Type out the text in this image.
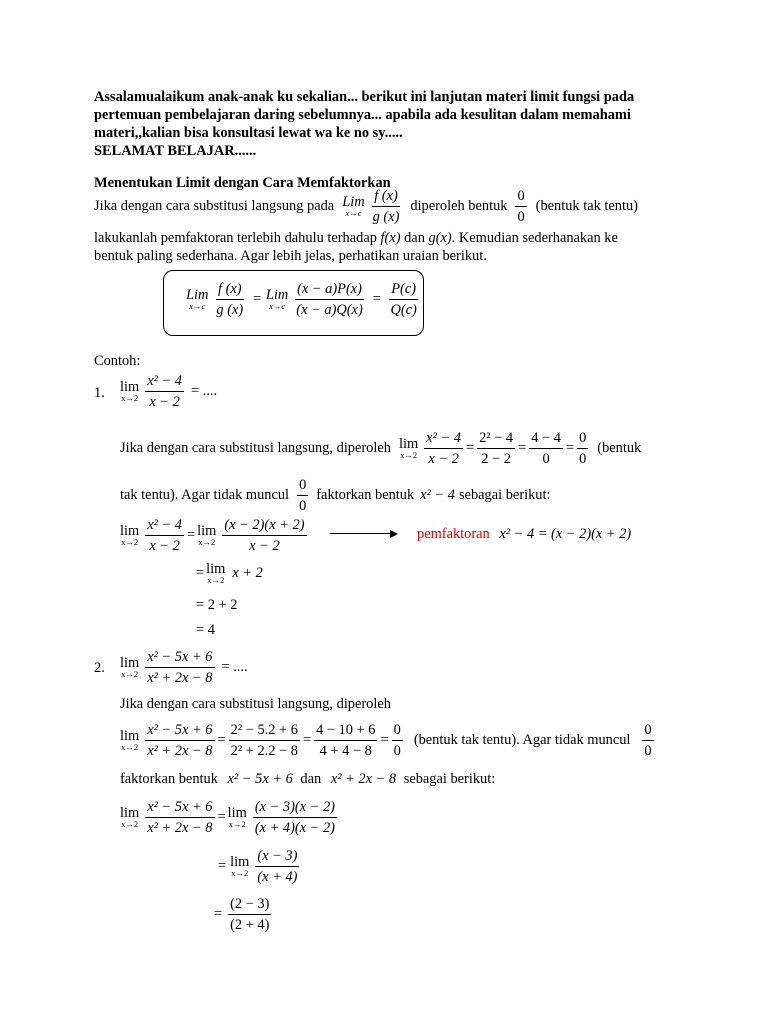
Assalamualaikum anak-anak ku sekalian... berikut ini lanjutan materi limit fungsi pada
pertemuan pembelajaran daring sebelumnya... apabila ada kesulitan dalam memahami
materi,,kalian bisa konsultasi lewat wa ke no sy.....
SELAMAT BELAJAR......
Menentukan Limit dengan Cara Memfaktorkan
Jika dengan cara substitusi langsung pada Lim
$x\to c \frac{f (x)}{g (x)}$ diperoleh bentuk $\frac{0}{0}$ (bentuk tak tentu)
lakukanlah pemfaktoran terlebih dahulu terhadap f(x) dan g(x). Kemudian sederhanakan ke
bentuk paling sederhana. Agar lebih jelas, perhatikan uraian berikut.
Lim
$x\to c \frac{f (x)}{g (x)}$ = Lim
$x\to c \frac{(x - a)P(x)}{(x - a)Q(x)} = \frac{P(c)}{Q(c)}$
Contoh:
1. lim
$x\to 2 \frac{\text{x² − 4}}{x - 2}$ = ....
Jika dengan cara substitusi langsung, diperoleh lim
$x\to 2 \frac{\text{x² − 4}}{x - 2} = \frac{\text{2² − 4}}{2 - 2} = \frac{4 - 4}{0} = \frac{0}{0}$ (bentuk
tak tentu). Agar tidak muncul $\frac{0}{0}$ faktorkan bentuk x² − 4 sebagai berikut:
lim
$x\to 2 \frac{\text{x² − 4}}{x - 2} = \lim$
$x\to 2 \frac{(x - 2)(x + 2)}{x - 2}$	pemfaktoran x² − 4 = (x − 2)(x + 2)
= lim
x→2 x + 2
= 2 + 2
= 4
2. lim
$x\to 2 \frac{\text{x² − 5x + 6}}{\text{x² + 2x − 8}}$ = ....
Jika dengan cara substitusi langsung, diperoleh
lim
$x\to 2 \frac{\text{x² − 5x + 6}}{\text{x² + 2x − 8}} = \frac{\text{2² − 5.2 + 6}}{\text{2² + 2.2 − 8}} = \frac{4 - 10 + 6}{4 + 4 - 8} = \frac{0}{0}$ (bentuk tak tentu). Agar tidak muncul $\frac{0}{0}$
faktorkan bentuk x² − 5x + 6 dan x² + 2x − 8 sebagai berikut:
lim
$x\to 2 \frac{\text{x² − 5x + 6}}{\text{x² + 2x − 8}} = \lim$
$x\to 2 \frac{(x - 3)(x - 2)}{(x + 4)(x - 2)}$
= lim
$x\to 2 \frac{(x - 3)}{(x + 4)}$
= $\frac{(2 - 3)}{(2 + 4)}$
